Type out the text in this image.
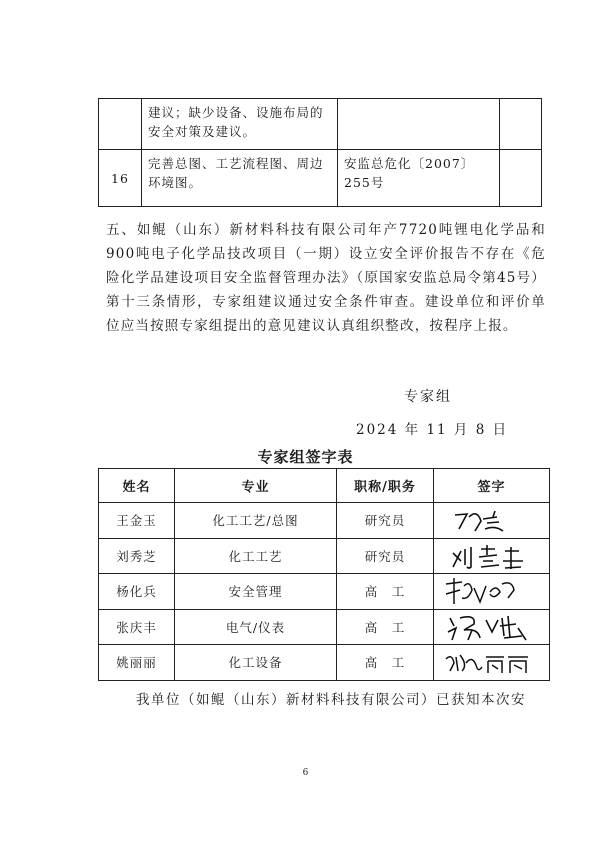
	建议；缺少设备、设施布局的安全对策及建议。		
16	完善总图、工艺流程图、周边环境图。	安监总危化〔2007〕255号	

五、如鲲（山东）新材料科技有限公司年产7720吨锂电化学品和900吨电子化学品技改项目（一期）设立安全评价报告不存在《危险化学品建设项目安全监督管理办法》（原国家安监总局令第45号）第十三条情形，专家组建议通过安全条件审查。建设单位和评价单位应当按照专家组提出的意见建议认真组织整改，按程序上报。

专家组
2024 年 11 月 8 日
专家组签字表
姓名	专业	职称/职务	签字
王金玉	化工工艺/总图	研究员	

刘秀芝	化工工艺	研究员	

杨化兵	安全管理	高　工	

张庆丰	电气/仪表	高　工	

姚丽丽	化工设备	高　工	
我单位（如鲲（山东）新材料科技有限公司）已获知本次安
6
